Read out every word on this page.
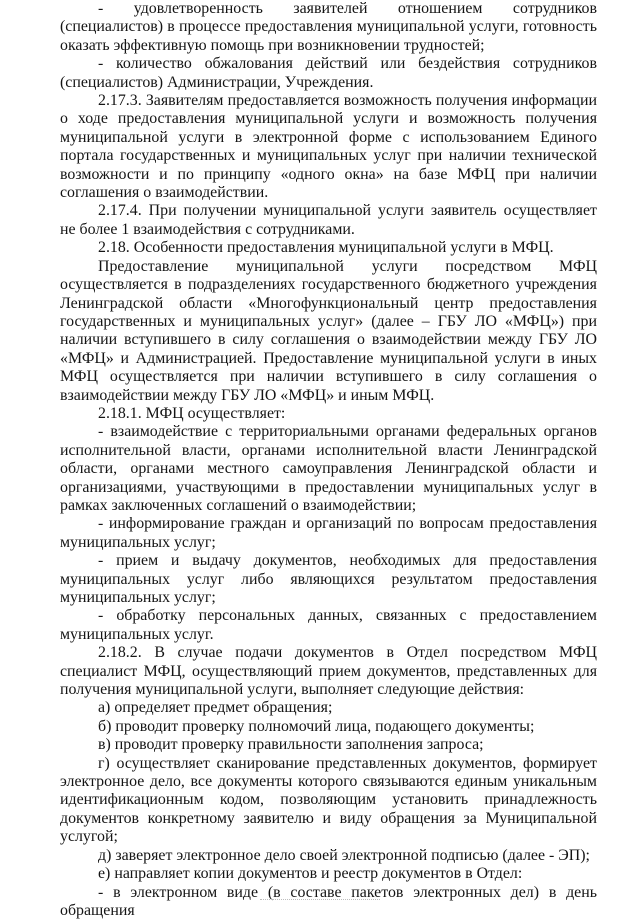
- удовлетворенность заявителей отношением сотрудников (специалистов) в процессе предоставления муниципальной услуги, готовность оказать эффективную помощь при возникновении трудностей;

- количество обжалования действий или бездействия сотрудников (специалистов) Администрации, Учреждения.

2.17.3. Заявителям предоставляется возможность получения информации о ходе предоставления муниципальной услуги и возможность получения муниципальной услуги в электронной форме с использованием Единого портала государственных и муниципальных услуг при наличии технической возможности и по принципу «одного окна» на базе МФЦ при наличии соглашения о взаимодействии.

2.17.4. При получении муниципальной услуги заявитель осуществляет не более 1 взаимодействия с сотрудниками.

2.18. Особенности предоставления муниципальной услуги в МФЦ.

Предоставление муниципальной услуги посредством МФЦ осуществляется в подразделениях государственного бюджетного учреждения Ленинградской области «Многофункциональный центр предоставления государственных и муниципальных услуг» (далее – ГБУ ЛО «МФЦ») при наличии вступившего в силу соглашения о взаимодействии между ГБУ ЛО «МФЦ» и Администрацией. Предоставление муниципальной услуги в иных МФЦ осуществляется при наличии вступившего в силу соглашения о взаимодействии между ГБУ ЛО «МФЦ» и иным МФЦ.

2.18.1. МФЦ осуществляет:

- взаимодействие с территориальными органами федеральных органов исполнительной власти, органами исполнительной власти Ленинградской области, органами местного самоуправления Ленинградской области и организациями, участвующими в предоставлении муниципальных услуг в рамках заключенных соглашений о взаимодействии;

- информирование граждан и организаций по вопросам предоставления муниципальных услуг;

- прием и выдачу документов, необходимых для предоставления муниципальных услуг либо являющихся результатом предоставления муниципальных услуг;

- обработку персональных данных, связанных с предоставлением муниципальных услуг.

2.18.2. В случае подачи документов в Отдел посредством МФЦ специалист МФЦ, осуществляющий прием документов, представленных для получения муниципальной услуги, выполняет следующие действия:

а) определяет предмет обращения;

б) проводит проверку полномочий лица, подающего документы;

в) проводит проверку правильности заполнения запроса;

г) осуществляет сканирование представленных документов, формирует электронное дело, все документы которого связываются единым уникальным идентификационным кодом, позволяющим установить принадлежность документов конкретному заявителю и виду обращения за Муниципальной услугой;

д) заверяет электронное дело своей электронной подписью (далее - ЭП);

е) направляет копии документов и реестр документов в Отдел:

- в электронном виде (в составе пакетов электронных дел) в день обращения
